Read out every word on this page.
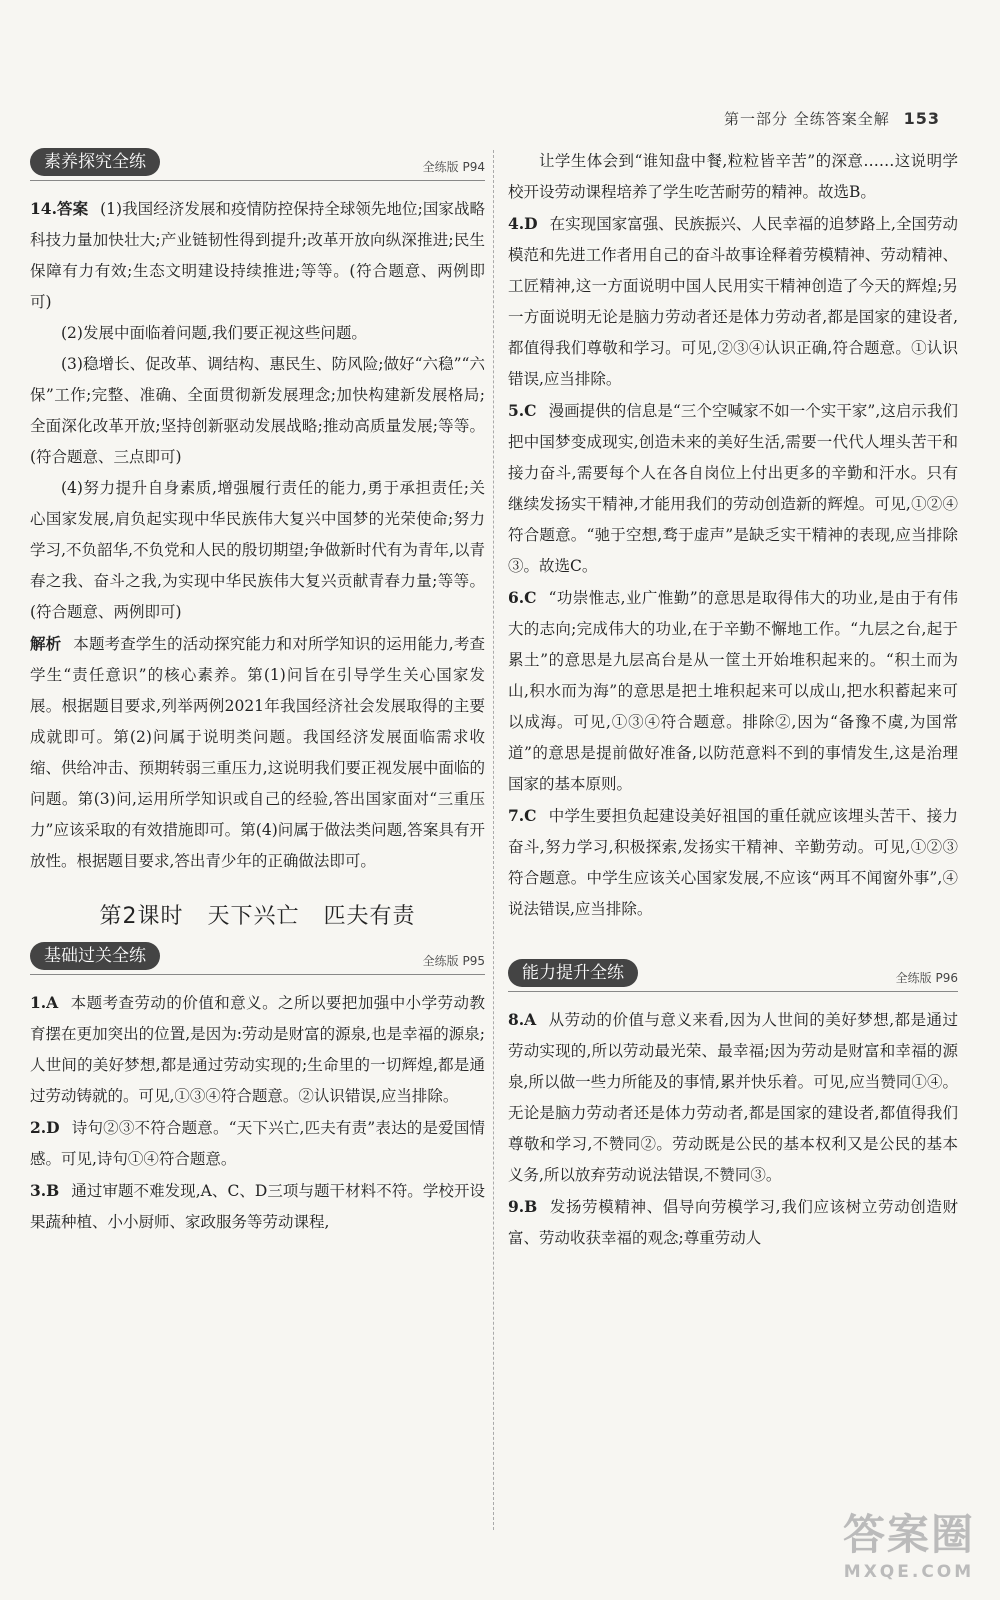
第一部分 全练答案全解 153
素养探究全练	全练版 P94

14.答案 (1)我国经济发展和疫情防控保持全球领先地位;国家战略科技力量加快壮大;产业链韧性得到提升;改革开放向纵深推进;民生保障有力有效;生态文明建设持续推进;等等。(符合题意、两例即可)

(2)发展中面临着问题,我们要正视这些问题。

(3)稳增长、促改革、调结构、惠民生、防风险;做好“六稳”“六保”工作;完整、准确、全面贯彻新发展理念;加快构建新发展格局;全面深化改革开放;坚持创新驱动发展战略;推动高质量发展;等等。(符合题意、三点即可)

(4)努力提升自身素质,增强履行责任的能力,勇于承担责任;关心国家发展,肩负起实现中华民族伟大复兴中国梦的光荣使命;努力学习,不负韶华,不负党和人民的殷切期望;争做新时代有为青年,以青春之我、奋斗之我,为实现中华民族伟大复兴贡献青春力量;等等。(符合题意、两例即可)

解析 本题考查学生的活动探究能力和对所学知识的运用能力,考查学生“责任意识”的核心素养。第(1)问旨在引导学生关心国家发展。根据题目要求,列举两例2021年我国经济社会发展取得的主要成就即可。第(2)问属于说明类问题。我国经济发展面临需求收缩、供给冲击、预期转弱三重压力,这说明我们要正视发展中面临的问题。第(3)问,运用所学知识或自己的经验,答出国家面对“三重压力”应该采取的有效措施即可。第(4)问属于做法类问题,答案具有开放性。根据题目要求,答出青少年的正确做法即可。

第2课时 天下兴亡 匹夫有责
基础过关全练	全练版 P95

1.A 本题考查劳动的价值和意义。之所以要把加强中小学劳动教育摆在更加突出的位置,是因为:劳动是财富的源泉,也是幸福的源泉;人世间的美好梦想,都是通过劳动实现的;生命里的一切辉煌,都是通过劳动铸就的。可见,①③④符合题意。②认识错误,应当排除。

2.D 诗句②③不符合题意。“天下兴亡,匹夫有责”表达的是爱国情感。可见,诗句①④符合题意。

3.B 通过审题不难发现,A、C、D三项与题干材料不符。学校开设果蔬种植、小小厨师、家政服务等劳动课程,

让学生体会到“谁知盘中餐,粒粒皆辛苦”的深意……这说明学校开设劳动课程培养了学生吃苦耐劳的精神。故选B。

4.D 在实现国家富强、民族振兴、人民幸福的追梦路上,全国劳动模范和先进工作者用自己的奋斗故事诠释着劳模精神、劳动精神、工匠精神,这一方面说明中国人民用实干精神创造了今天的辉煌;另一方面说明无论是脑力劳动者还是体力劳动者,都是国家的建设者,都值得我们尊敬和学习。可见,②③④认识正确,符合题意。①认识错误,应当排除。

5.C 漫画提供的信息是“三个空喊家不如一个实干家”,这启示我们把中国梦变成现实,创造未来的美好生活,需要一代代人埋头苦干和接力奋斗,需要每个人在各自岗位上付出更多的辛勤和汗水。只有继续发扬实干精神,才能用我们的劳动创造新的辉煌。可见,①②④符合题意。“驰于空想,骛于虚声”是缺乏实干精神的表现,应当排除③。故选C。

6.C “功崇惟志,业广惟勤”的意思是取得伟大的功业,是由于有伟大的志向;完成伟大的功业,在于辛勤不懈地工作。“九层之台,起于累土”的意思是九层高台是从一筐土开始堆积起来的。“积土而为山,积水而为海”的意思是把土堆积起来可以成山,把水积蓄起来可以成海。可见,①③④符合题意。排除②,因为“备豫不虞,为国常道”的意思是提前做好准备,以防范意料不到的事情发生,这是治理国家的基本原则。

7.C 中学生要担负起建设美好祖国的重任就应该埋头苦干、接力奋斗,努力学习,积极探索,发扬实干精神、辛勤劳动。可见,①②③符合题意。中学生应该关心国家发展,不应该“两耳不闻窗外事”,④说法错误,应当排除。

能力提升全练	全练版 P96

8.A 从劳动的价值与意义来看,因为人世间的美好梦想,都是通过劳动实现的,所以劳动最光荣、最幸福;因为劳动是财富和幸福的源泉,所以做一些力所能及的事情,累并快乐着。可见,应当赞同①④。无论是脑力劳动者还是体力劳动者,都是国家的建设者,都值得我们尊敬和学习,不赞同②。劳动既是公民的基本权利又是公民的基本义务,所以放弃劳动说法错误,不赞同③。

9.B 发扬劳模精神、倡导向劳模学习,我们应该树立劳动创造财富、劳动收获幸福的观念;尊重劳动人

答案圈
MXQE.COM
